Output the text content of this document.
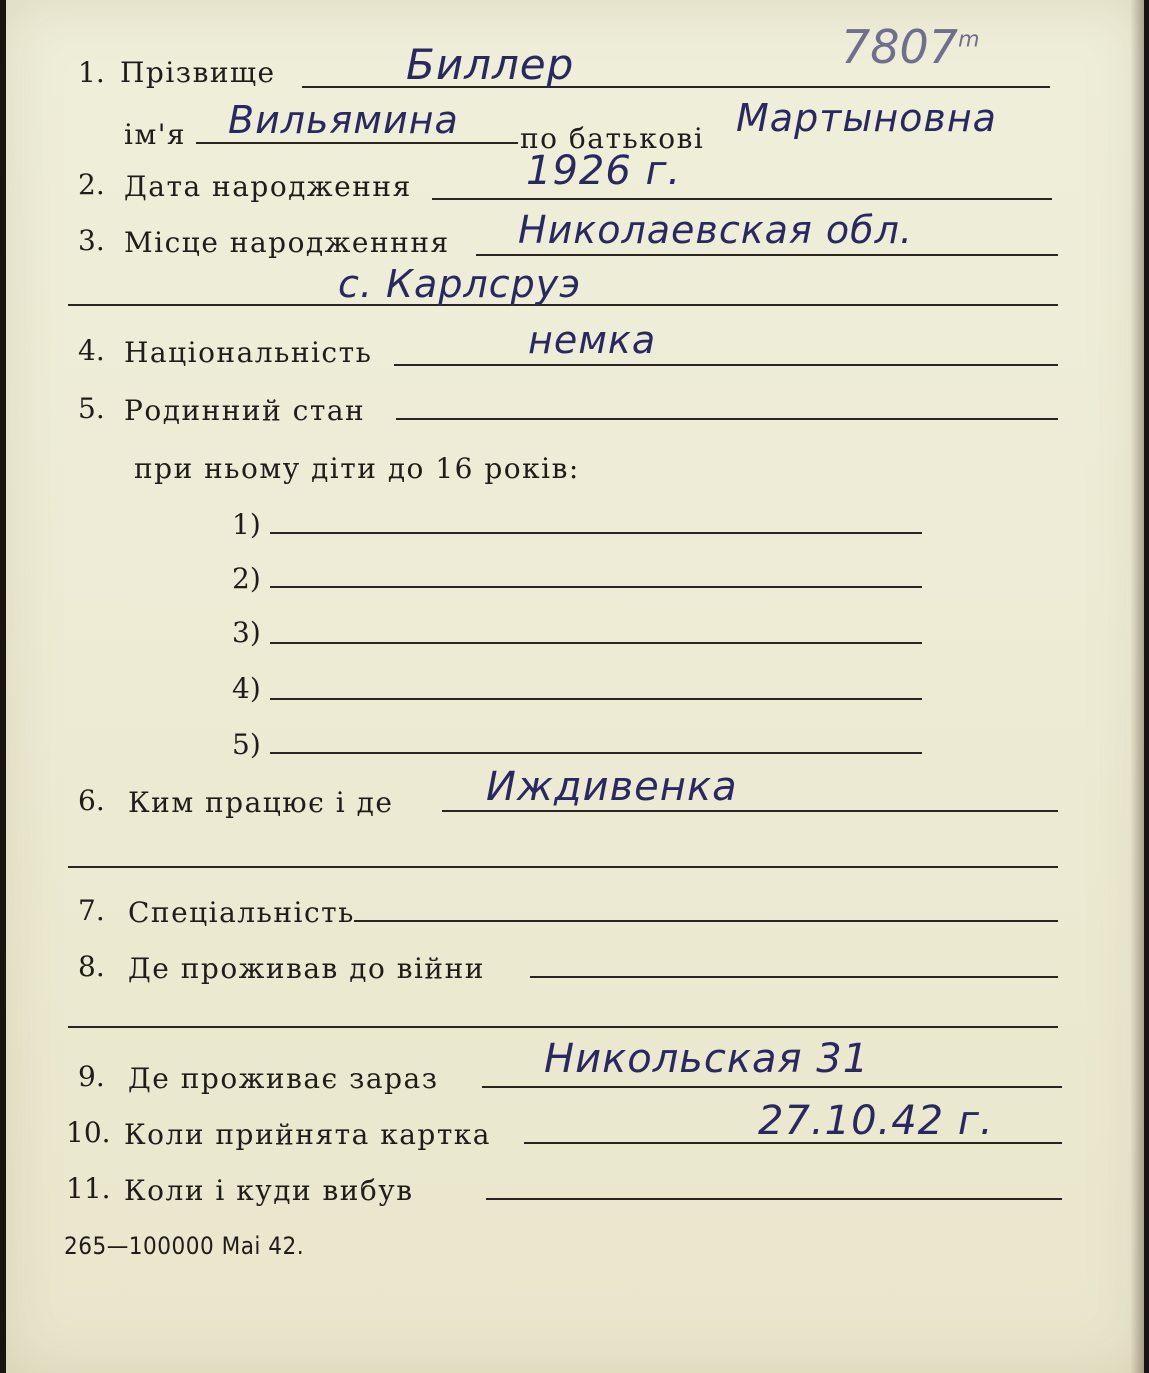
7807$^m$
1. Прізвище	Биллер
ім'я Вильямина по батькові Мартыновна
2. Дата народження	1926 г.
3. Місце народженння Николаевская обл.
с. Карлсруэ
4. Національність	немка
5. Родинний стан
при ньому діти до 16 років:
1)
2)
3)
4)
5)
6. Ким працює і де Иждивенка
7. Спеціальність
8. Де проживав до війни
9. Де проживає зараз	Никольская 31
10. Коли прийнята картка	27.10.42 г.
11. Коли і куди вибув
265—100000 Mai 42.
